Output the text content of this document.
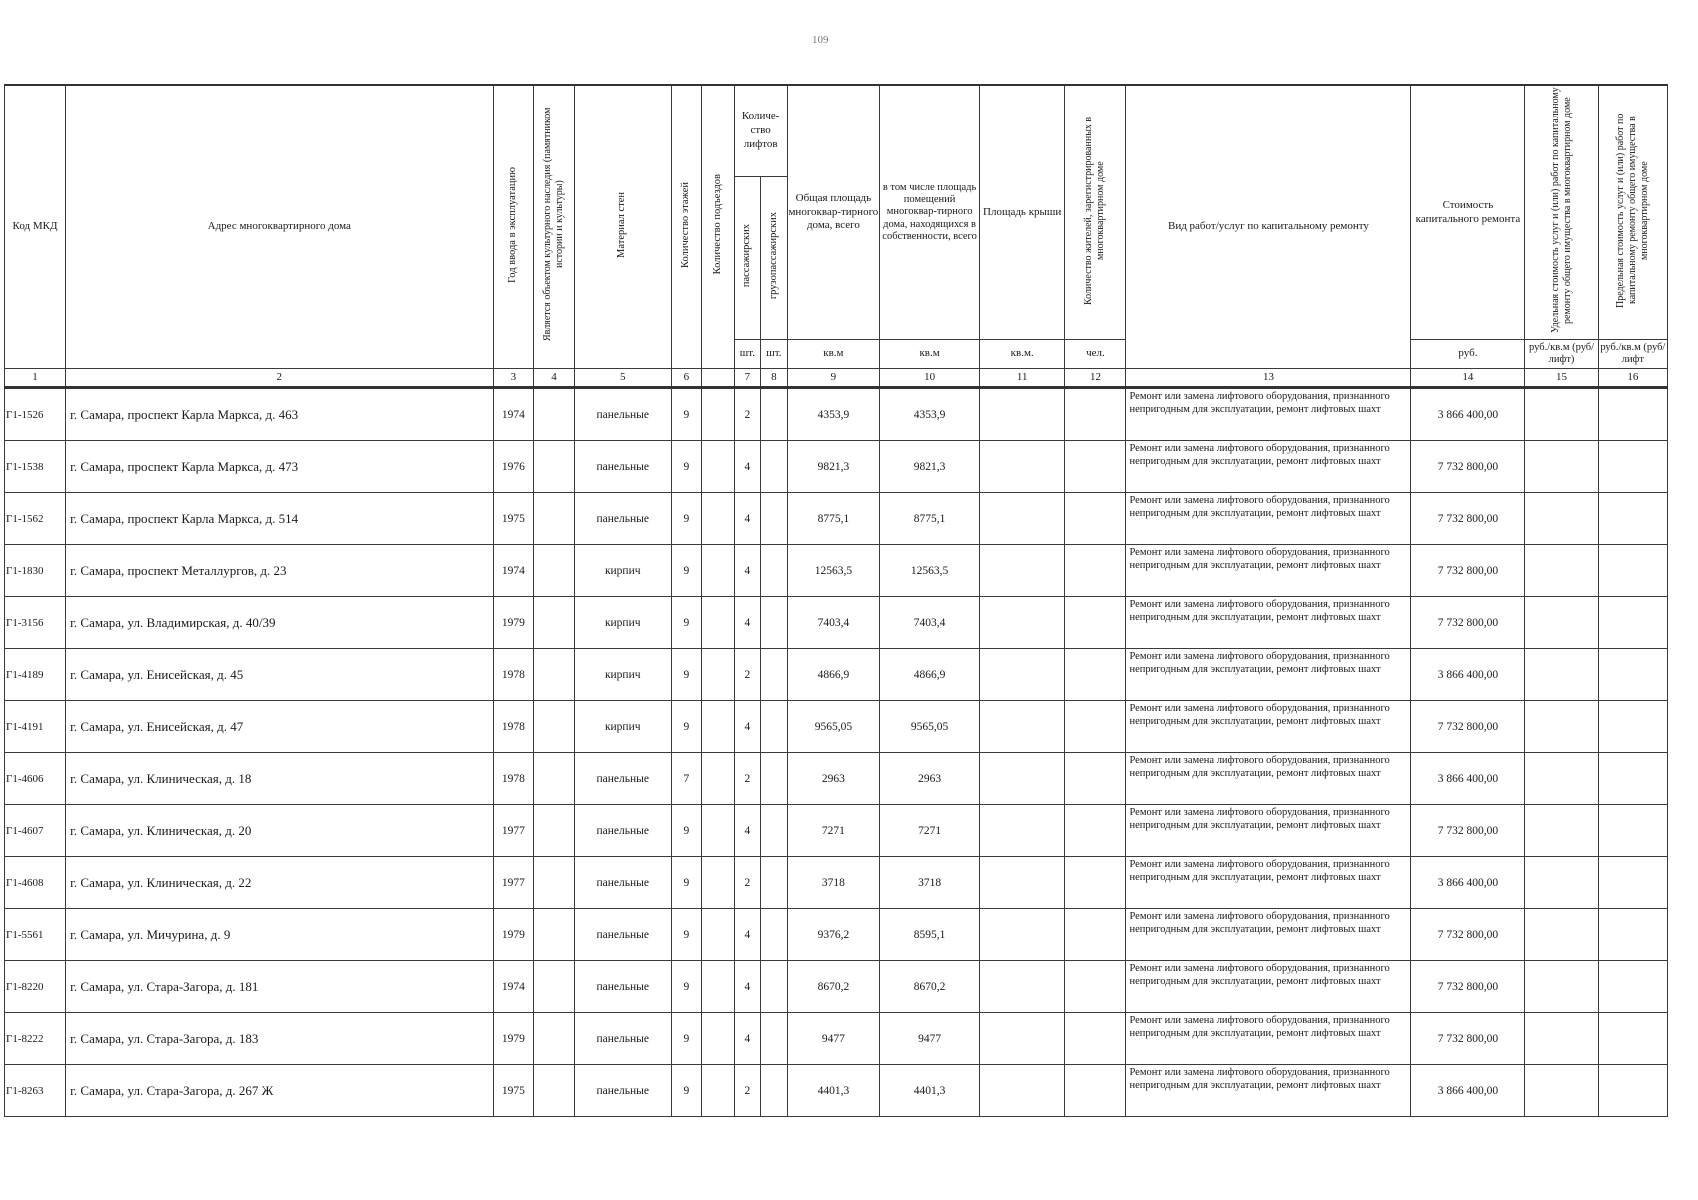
109
Код МКД	Адрес многоквартирного дома	Год ввода в эксплуатацию	Является объектом культурного наследия (памятником истории и культуры)	Материал стен	Количество этажей	Количество подъездов	Количе-ство лифтов		Общая площадь многоквар-тирного дома, всего	в том числе площадь помещений многоквар-тирного дома, находящихся в собственности, всего	Площадь крыши	Количество жителей, зарегистрированных в многоквартирном доме	Вид работ/услуг по капитальному ремонту	Стоимость капитального ремонта	Удельная стоимость услуг и (или) работ по капитальному ремонту общего имущества в многоквартирном доме	Предельная стоимость услуг и (или) работ по капитальному ремонту общего имущества в многоквартирном доме
							пассажирских	грузопассажирских								
							шт.	шт.	кв.м	кв.м	кв.м.	чел.		руб.	руб./кв.м (руб/лифт)	руб./кв.м (руб/лифт
1	2	3	4	5	6		7	8	9	10	11	12	13	14	15	16
Г1-1526	г. Самара, проспект Карла Маркса, д. 463	1974		панельные	9		2		4353,9	4353,9			Ремонт или замена лифтового оборудования, признанного непригодным для эксплуатации, ремонт лифтовых шахт	3 866 400,00		
Г1-1538	г. Самара, проспект Карла Маркса, д. 473	1976		панельные	9		4		9821,3	9821,3			Ремонт или замена лифтового оборудования, признанного непригодным для эксплуатации, ремонт лифтовых шахт	7 732 800,00		
Г1-1562	г. Самара, проспект Карла Маркса, д. 514	1975		панельные	9		4		8775,1	8775,1			Ремонт или замена лифтового оборудования, признанного непригодным для эксплуатации, ремонт лифтовых шахт	7 732 800,00		
Г1-1830	г. Самара, проспект Металлургов, д. 23	1974		кирпич	9		4		12563,5	12563,5			Ремонт или замена лифтового оборудования, признанного непригодным для эксплуатации, ремонт лифтовых шахт	7 732 800,00		
Г1-3156	г. Самара, ул. Владимирская, д. 40/39	1979		кирпич	9		4		7403,4	7403,4			Ремонт или замена лифтового оборудования, признанного непригодным для эксплуатации, ремонт лифтовых шахт	7 732 800,00		
Г1-4189	г. Самара, ул. Енисейская, д. 45	1978		кирпич	9		2		4866,9	4866,9			Ремонт или замена лифтового оборудования, признанного непригодным для эксплуатации, ремонт лифтовых шахт	3 866 400,00		
Г1-4191	г. Самара, ул. Енисейская, д. 47	1978		кирпич	9		4		9565,05	9565,05			Ремонт или замена лифтового оборудования, признанного непригодным для эксплуатации, ремонт лифтовых шахт	7 732 800,00		
Г1-4606	г. Самара, ул. Клиническая, д. 18	1978		панельные	7		2		2963	2963			Ремонт или замена лифтового оборудования, признанного непригодным для эксплуатации, ремонт лифтовых шахт	3 866 400,00		
Г1-4607	г. Самара, ул. Клиническая, д. 20	1977		панельные	9		4		7271	7271			Ремонт или замена лифтового оборудования, признанного непригодным для эксплуатации, ремонт лифтовых шахт	7 732 800,00		
Г1-4608	г. Самара, ул. Клиническая, д. 22	1977		панельные	9		2		3718	3718			Ремонт или замена лифтового оборудования, признанного непригодным для эксплуатации, ремонт лифтовых шахт	3 866 400,00		
Г1-5561	г. Самара, ул. Мичурина, д. 9	1979		панельные	9		4		9376,2	8595,1			Ремонт или замена лифтового оборудования, признанного непригодным для эксплуатации, ремонт лифтовых шахт	7 732 800,00		
Г1-8220	г. Самара, ул. Стара-Загора, д. 181	1974		панельные	9		4		8670,2	8670,2			Ремонт или замена лифтового оборудования, признанного непригодным для эксплуатации, ремонт лифтовых шахт	7 732 800,00		
Г1-8222	г. Самара, ул. Стара-Загора, д. 183	1979		панельные	9		4		9477	9477			Ремонт или замена лифтового оборудования, признанного непригодным для эксплуатации, ремонт лифтовых шахт	7 732 800,00		
Г1-8263	г. Самара, ул. Стара-Загора, д. 267 Ж	1975		панельные	9		2		4401,3	4401,3			Ремонт или замена лифтового оборудования, признанного непригодным для эксплуатации, ремонт лифтовых шахт	3 866 400,00		
